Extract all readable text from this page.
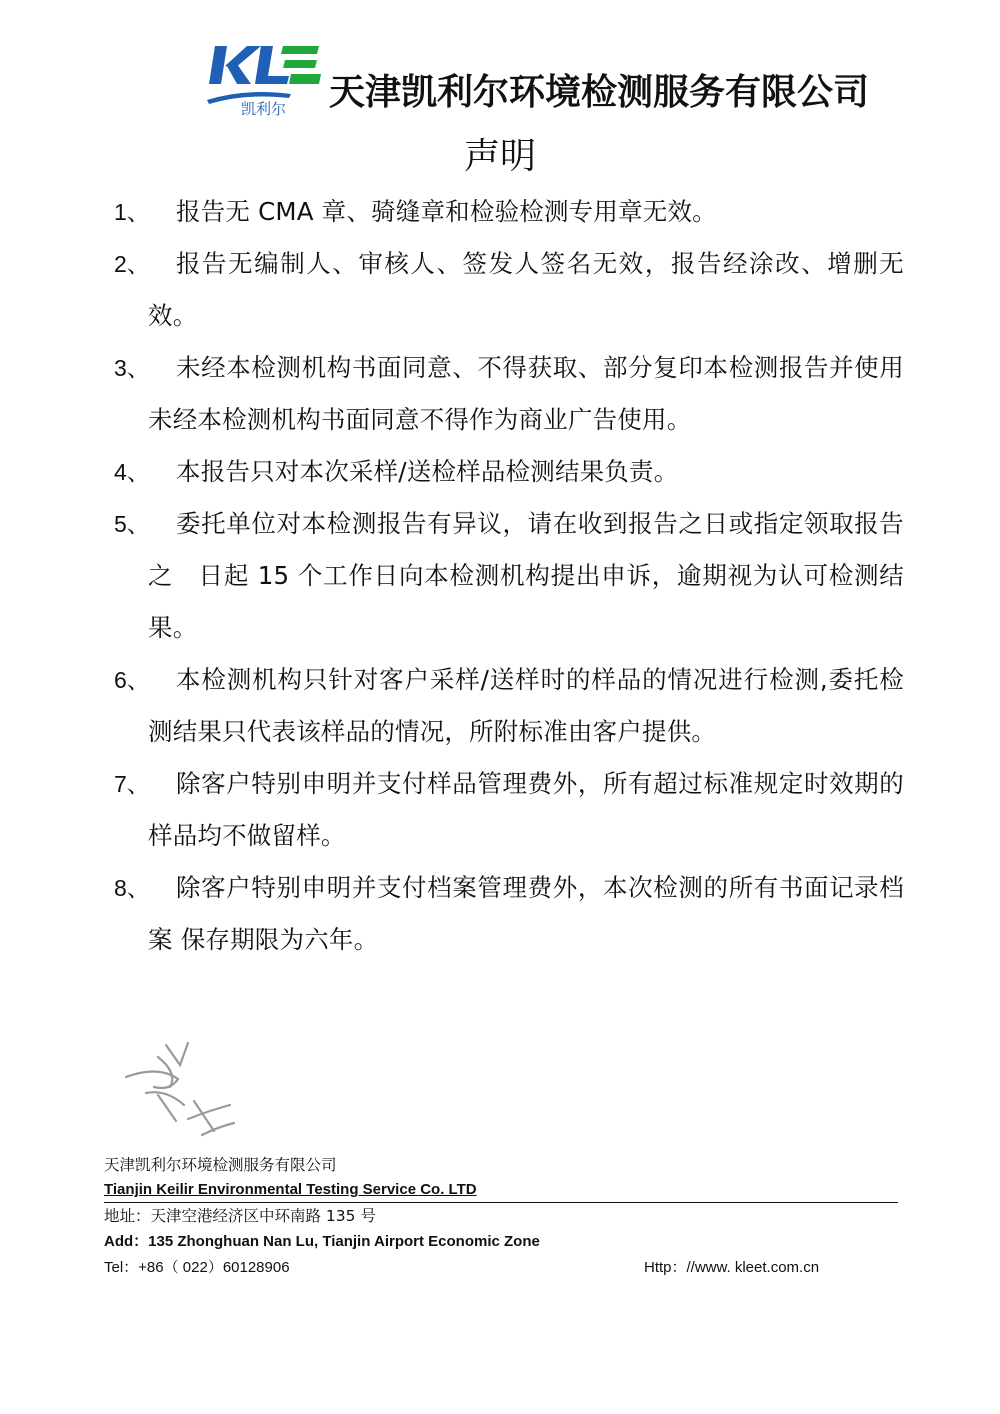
凯利尔 天津凯利尔环境检测服务有限公司
声明
1、	报告无 CMA 章、骑缝章和检验检测专用章无效。
2、	报告无编制人、审核人、签发人签名无效，报告经涂改、增删无效。
3、	未经本检测机构书面同意、不得获取、部分复印本检测报告并使用未经本检测机构书面同意不得作为商业广告使用。
4、	本报告只对本次采样/送检样品检测结果负责。
5、	委托单位对本检测报告有异议，请在收到报告之日或指定领取报告之　日起 15 个工作日向本检测机构提出申诉，逾期视为认可检测结果。
6、	本检测机构只针对客户采样/送样时的样品的情况进行检测,委托检测结果只代表该样品的情况，所附标准由客户提供。
7、	除客户特别申明并支付样品管理费外，所有超过标准规定时效期的样品均不做留样。
8、	除客户特别申明并支付档案管理费外，本次检测的所有书面记录档案 保存期限为六年。
天津凯利尔环境检测服务有限公司
Tianjin Keilir Environmental Testing Service Co. LTD
地址：天津空港经济区中环南路 135 号
Add：135 Zhonghuan Nan Lu, Tianjin Airport Economic Zone
Tel：+86（ 022）60128906	Http：//www. kleet.com.cn
